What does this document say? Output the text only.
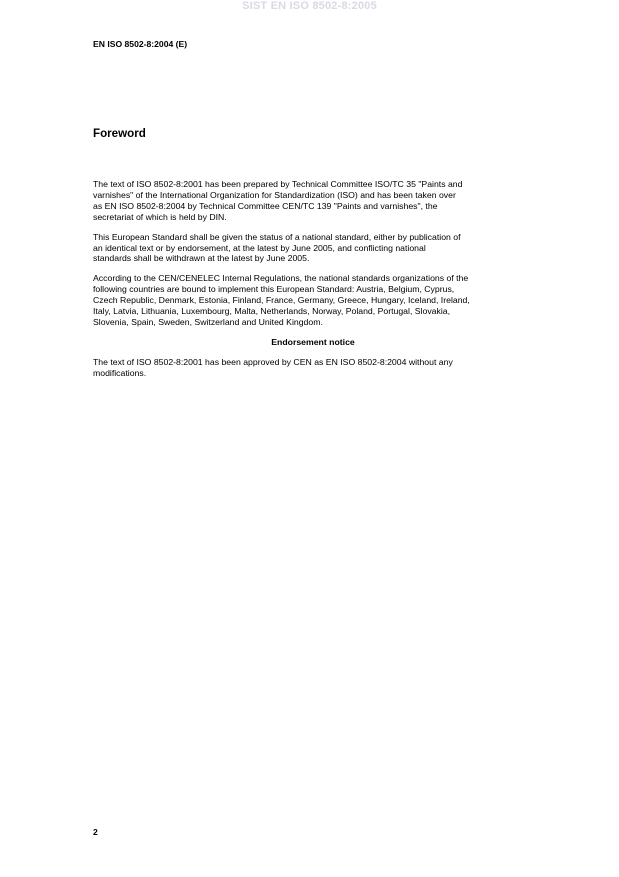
SIST EN ISO 8502-8:2005
EN ISO 8502-8:2004 (E)
Foreword

The text of ISO 8502-8:2001 has been prepared by Technical Committee ISO/TC 35 "Paints and
varnishes" of the International Organization for Standardization (ISO) and has been taken over
as EN ISO 8502-8:2004 by Technical Committee CEN/TC 139 "Paints and varnishes", the
secretariat of which is held by DIN.

This European Standard shall be given the status of a national standard, either by publication of
an identical text or by endorsement, at the latest by June 2005, and conflicting national
standards shall be withdrawn at the latest by June 2005.

According to the CEN/CENELEC Internal Regulations, the national standards organizations of the
following countries are bound to implement this European Standard: Austria, Belgium, Cyprus,
Czech Republic, Denmark, Estonia, Finland, France, Germany, Greece, Hungary, Iceland, Ireland,
Italy, Latvia, Lithuania, Luxembourg, Malta, Netherlands, Norway, Poland, Portugal, Slovakia,
Slovenia, Spain, Sweden, Switzerland and United Kingdom.

Endorsement notice

The text of ISO 8502-8:2001 has been approved by CEN as EN ISO 8502-8:2004 without any
modifications.

2
